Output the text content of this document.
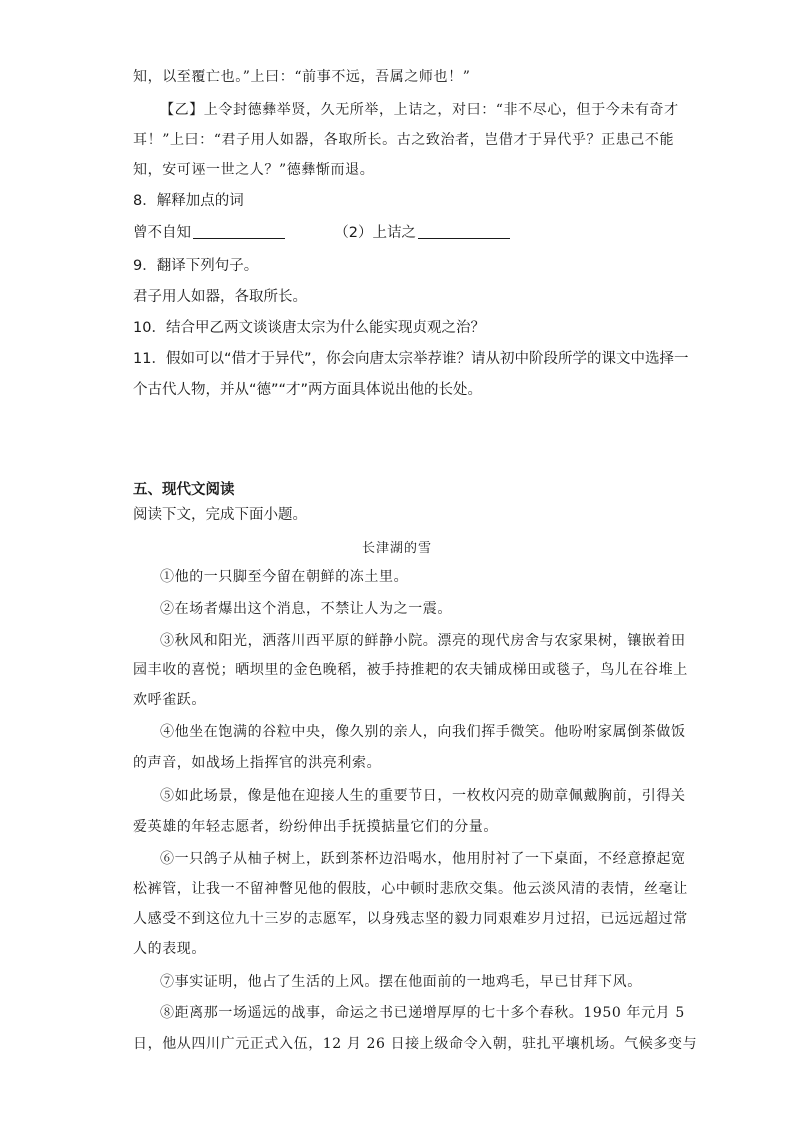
知，以至覆亡也。”上曰：“前事不远，吾属之师也！”
【乙】上令封德彝举贤，久无所举，上诘之，对曰：“非不尽心，但于今未有奇才
耳！”上曰：“君子用人如器，各取所长。古之致治者，岂借才于异代乎？正患己不能
知，安可诬一世之人？”德彝惭而退。
8．解释加点的词
曾不自知	（2）上诘之
9．翻译下列句子。
君子用人如器，各取所长。
10．结合甲乙两文谈谈唐太宗为什么能实现贞观之治？
11．假如可以“借才于异代”，你会向唐太宗举荐谁？请从初中阶段所学的课文中选择一
个古代人物，并从“德”“才”两方面具体说出他的长处。
五、现代文阅读
阅读下文，完成下面小题。
长津湖的雪
①他的一只脚至今留在朝鲜的冻土里。
②在场者爆出这个消息，不禁让人为之一震。
③秋风和阳光，洒落川西平原的鲜静小院。漂亮的现代房舍与农家果树，镶嵌着田
园丰收的喜悦；晒坝里的金色晚稻，被手持推耙的农夫铺成梯田或毯子，鸟儿在谷堆上
欢呼雀跃。
④他坐在饱满的谷粒中央，像久别的亲人，向我们挥手微笑。他吩咐家属倒茶做饭
的声音，如战场上指挥官的洪亮利索。
⑤如此场景，像是他在迎接人生的重要节日，一枚枚闪亮的勋章佩戴胸前，引得关
爱英雄的年轻志愿者，纷纷伸出手抚摸掂量它们的分量。
⑥一只鸽子从柚子树上，跃到茶杯边沿喝水，他用肘衬了一下桌面，不经意撩起宽
松裤管，让我一不留神瞥见他的假肢，心中顿时悲欣交集。他云淡风清的表情，丝毫让
人感受不到这位九十三岁的志愿军，以身残志坚的毅力同艰难岁月过招，已远远超过常
人的表现。
⑦事实证明，他占了生活的上风。摆在他面前的一地鸡毛，早已甘拜下风。
⑧距离那一场遥远的战事，命运之书已递增厚厚的七十多个春秋。1950 年元月 5
日，他从四川广元正式入伍，12 月 26 日接上级命令入朝，驻扎平壤机场。气候多变与
